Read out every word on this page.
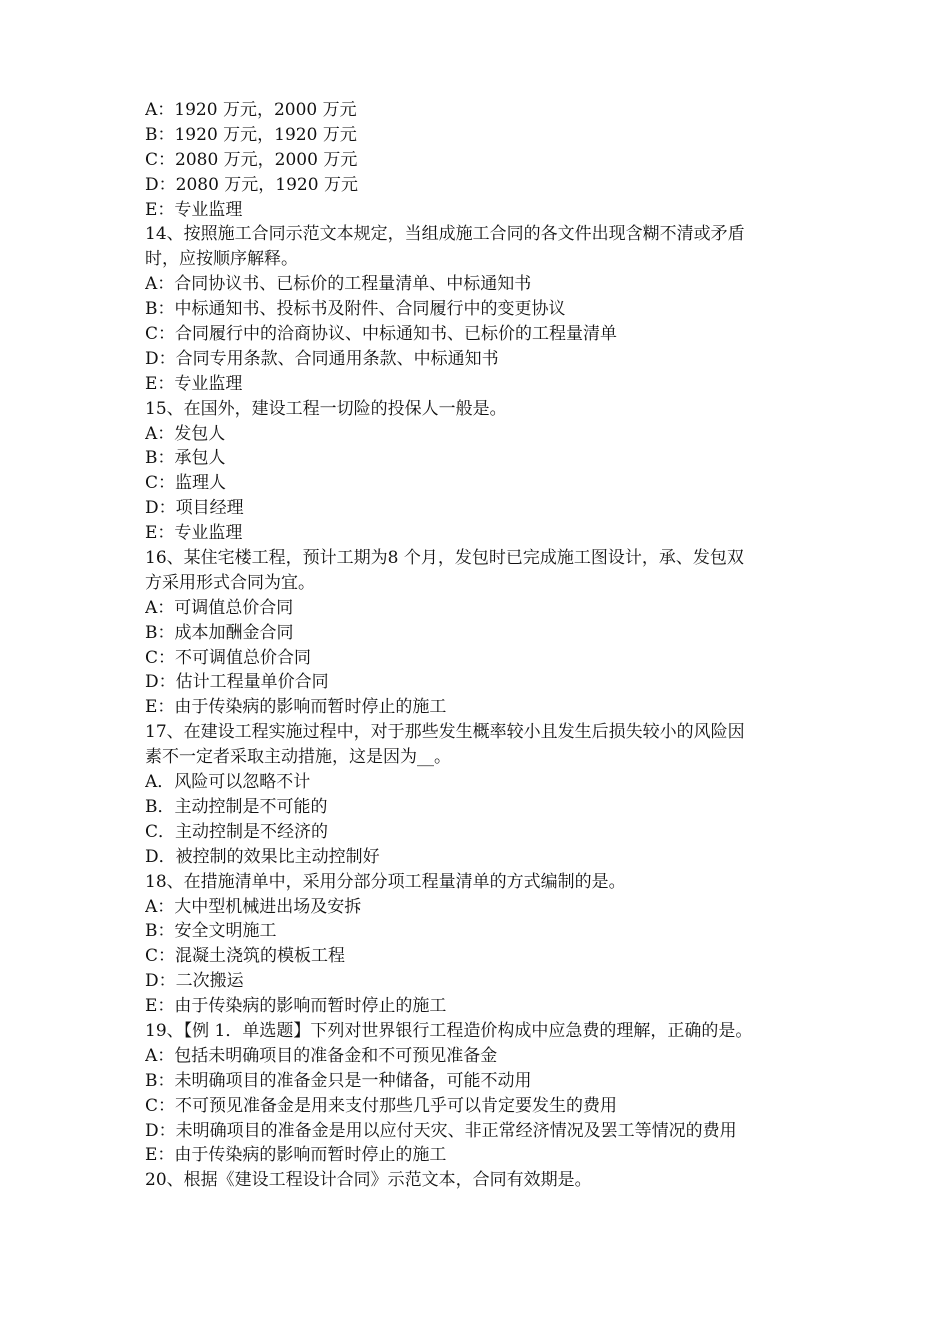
A：1920 万元，2000 万元
B：1920 万元，1920 万元
C：2080 万元，2000 万元
D：2080 万元，1920 万元
E：专业监理
14、按照施工合同示范文本规定，当组成施工合同的各文件出现含糊不清或矛盾
时，应按顺序解释。
A：合同协议书、已标价的工程量清单、中标通知书
B：中标通知书、投标书及附件、合同履行中的变更协议
C：合同履行中的洽商协议、中标通知书、已标价的工程量清单
D：合同专用条款、合同通用条款、中标通知书
E：专业监理
15、在国外，建设工程一切险的投保人一般是。
A：发包人
B：承包人
C：监理人
D：项目经理
E：专业监理
16、某住宅楼工程，预计工期为8 个月，发包时已完成施工图设计，承、发包双
方采用形式合同为宜。
A：可调值总价合同
B：成本加酬金合同
C：不可调值总价合同
D：估计工程量单价合同
E：由于传染病的影响而暂时停止的施工
17、在建设工程实施过程中，对于那些发生概率较小且发生后损失较小的风险因
素不一定者采取主动措施，这是因为__。
A．风险可以忽略不计
B．主动控制是不可能的
C．主动控制是不经济的
D．被控制的效果比主动控制好
18、在措施清单中，采用分部分项工程量清单的方式编制的是。
A：大中型机械进出场及安拆
B：安全文明施工
C：混凝土浇筑的模板工程
D：二次搬运
E：由于传染病的影响而暂时停止的施工
19、【例 1．单选题】下列对世界银行工程造价构成中应急费的理解，正确的是。
A：包括未明确项目的准备金和不可预见准备金
B：未明确项目的准备金只是一种储备，可能不动用
C：不可预见准备金是用来支付那些几乎可以肯定要发生的费用
D：未明确项目的准备金是用以应付天灾、非正常经济情况及罢工等情况的费用
E：由于传染病的影响而暂时停止的施工
20、根据《建设工程设计合同》示范文本，合同有效期是。
